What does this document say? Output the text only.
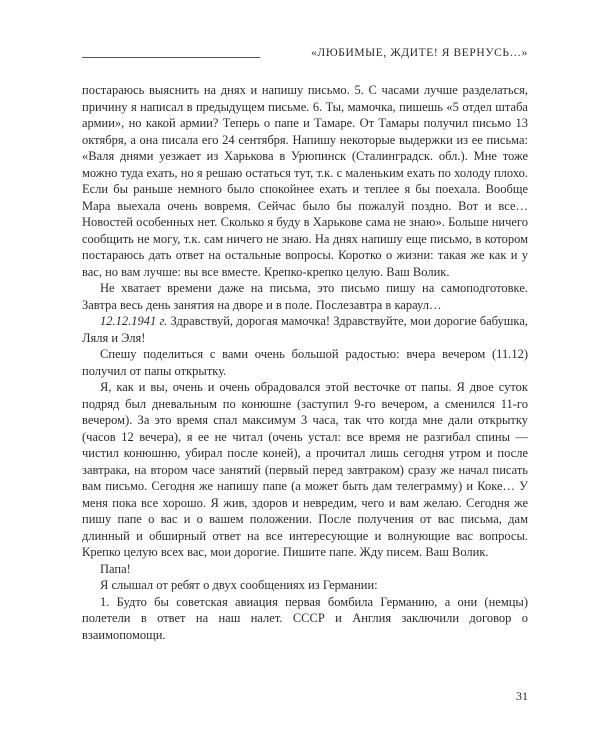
«ЛЮБИМЫЕ, ЖДИТЕ! Я ВЕРНУСЬ…»

постараюсь выяснить на днях и напишу письмо. 5. С часами лучше разделаться, причину я написал в предыдущем письме. 6. Ты, мамочка, пишешь «5 отдел штаба армии», но какой армии? Теперь о папе и Тамаре. От Тамары получил письмо 13 октября, а она писала его 24 сентября. Напишу некоторые выдержки из ее письма: «Валя днями уезжает из Харькова в Урюпинск (Сталинградск. обл.). Мне тоже можно туда ехать, но я решаю остаться тут, т.к. с маленьким ехать по холоду плохо. Если бы раньше немного было спокойнее ехать и теплее я бы поехала. Вообще Мара выехала очень вовремя. Сейчас было бы пожалуй поздно. Вот и все… Новостей особенных нет. Сколько я буду в Харькове сама не знаю». Больше ничего сообщить не могу, т.к. сам ничего не знаю. На днях напишу еще письмо, в котором постараюсь дать ответ на остальные вопросы. Коротко о жизни: такая же как и у вас, но вам лучше: вы все вместе. Крепко-крепко целую. Ваш Волик.

Не хватает времени даже на письма, это письмо пишу на самоподготовке. Завтра весь день занятия на дворе и в поле. Послезавтра в караул…

12.12.1941 г. Здравствуй, дорогая мамочка! Здравствуйте, мои дорогие бабушка, Ляля и Эля!

Спешу поделиться с вами очень большой радостью: вчера вечером (11.12) получил от папы открытку.

Я, как и вы, очень и очень обрадовался этой весточке от папы. Я двое суток подряд был дневальным по конюшне (заступил 9-го вечером, а сменился 11-го вечером). За это время спал максимум 3 часа, так что когда мне дали открытку (часов 12 вечера), я ее не читал (очень устал: все время не разгибал спины — чистил конюшню, убирал после коней), а прочитал лишь сегодня утром и после завтрака, на втором часе занятий (первый перед завтраком) сразу же начал писать вам письмо. Сегодня же напишу папе (а может быть дам телеграмму) и Коке… У меня пока все хорошо. Я жив, здоров и невредим, чего и вам желаю. Сегодня же пишу папе о вас и о вашем положении. После получения от вас письма, дам длинный и обширный ответ на все интересующие и волнующие вас вопросы. Крепко целую всех вас, мои дорогие. Пишите папе. Жду писем. Ваш Волик.

Папа!

Я слышал от ребят о двух сообщениях из Германии:

1. Будто бы советская авиация первая бомбила Германию, а они (немцы) полетели в ответ на наш налет. СССР и Англия заключили договор о взаимопомощи.

31
